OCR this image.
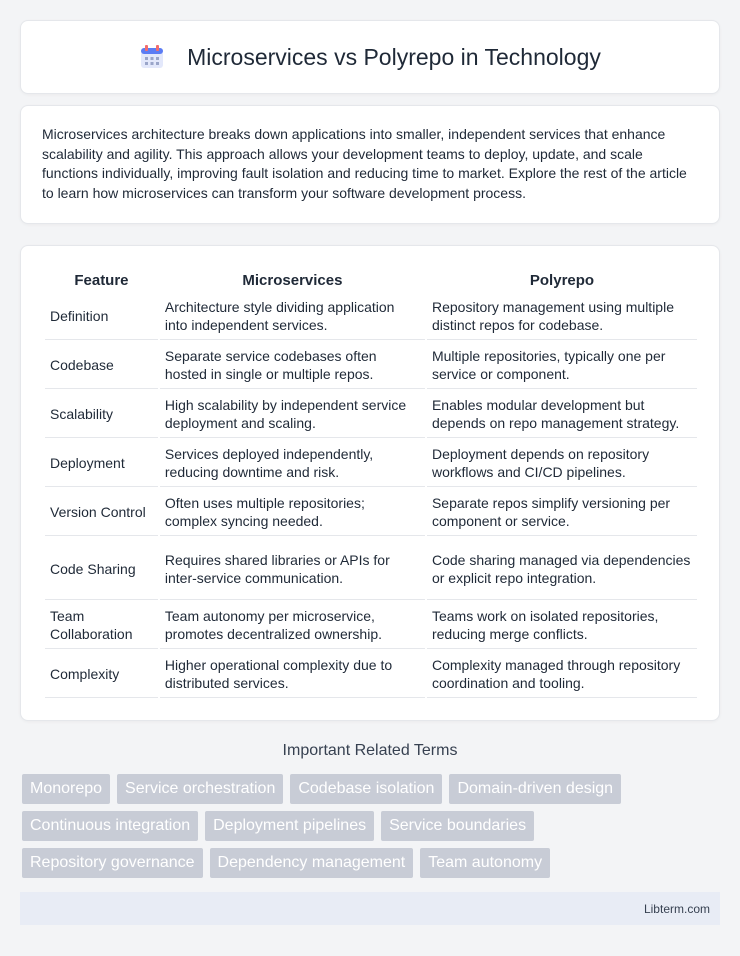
Microservices vs Polyrepo in Technology

Microservices architecture breaks down applications into smaller, independent services that enhance scalability and agility. This approach allows your development teams to deploy, update, and scale functions individually, improving fault isolation and reducing time to market. Explore the rest of the article to learn how microservices can transform your software development process.

Feature	Microservices	Polyrepo
Definition	Architecture style dividing application into independent services.	Repository management using multiple distinct repos for codebase.
Codebase	Separate service codebases often hosted in single or multiple repos.	Multiple repositories, typically one per service or component.
Scalability	High scalability by independent service deployment and scaling.	Enables modular development but depends on repo management strategy.
Deployment	Services deployed independently, reducing downtime and risk.	Deployment depends on repository workflows and CI/CD pipelines.
Version Control	Often uses multiple repositories; complex syncing needed.	Separate repos simplify versioning per component or service.
Code Sharing	Requires shared libraries or APIs for inter-service communication.	Code sharing managed via dependencies or explicit repo integration.
Team Collaboration	Team autonomy per microservice, promotes decentralized ownership.	Teams work on isolated repositories, reducing merge conflicts.
Complexity	Higher operational complexity due to distributed services.	Complexity managed through repository coordination and tooling.
Important Related Terms
Monorepo	Service orchestration	Codebase isolation	Domain-driven design
Continuous integration	Deployment pipelines	Service boundaries
Repository governance	Dependency management	Team autonomy
Libterm.com
